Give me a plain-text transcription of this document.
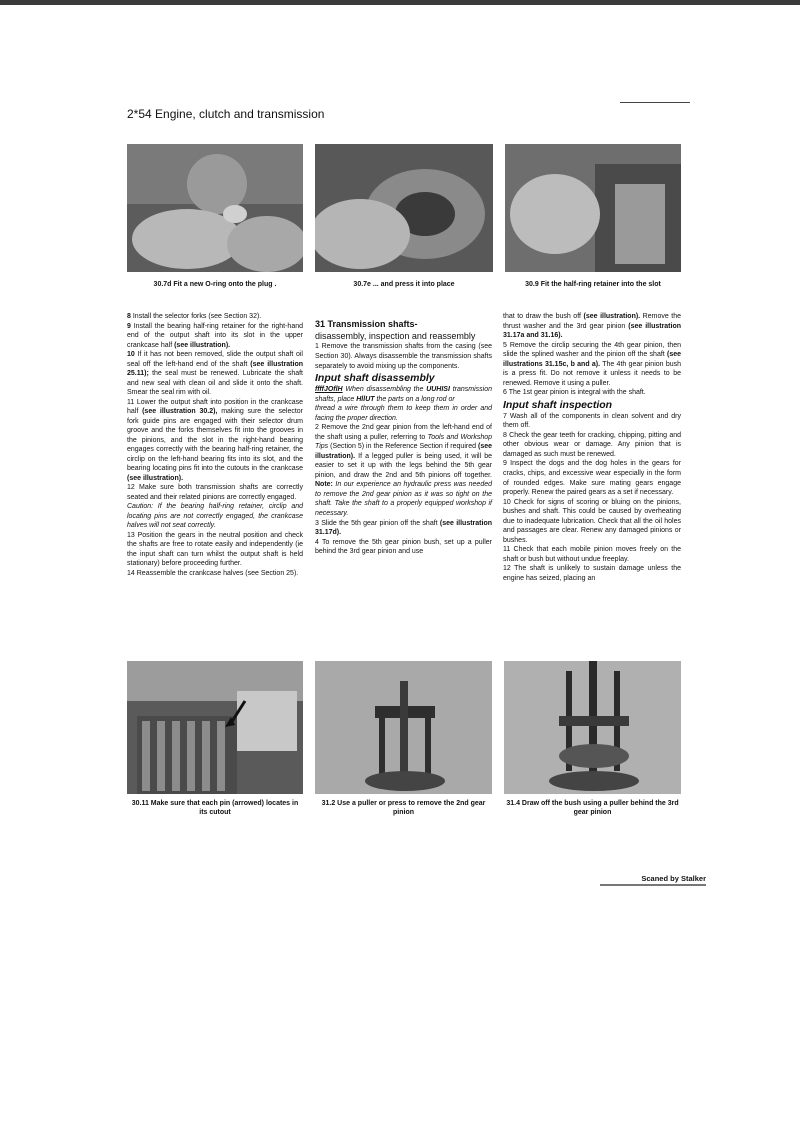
2*54 Engine, clutch and transmission
30.7d Fit a new O-ring onto the plug .	30.7e ... and press it into place	30.9 Fit the half-ring retainer into the slot

8 Install the selector forks (see Section 32).

9 Install the bearing half-ring retainer for the right-hand end of the output shaft into its slot in the upper crankcase half (see illustration).

10 If it has not been removed, slide the output shaft oil seal off the left-hand end of the shaft (see illustration 25.11); the seal must be renewed. Lubricate the shaft and new seal with clean oil and slide it onto the shaft. Smear the seal rim with oil.

11 Lower the output shaft into position in the crankcase half (see illustration 30.2), making sure the selector fork guide pins are engaged with their selector drum groove and the forks themselves fit into the grooves in the pinions, and the slot in the right-hand bearing engages correctly with the bearing half-ring retainer, the circlip on the left-hand bearing fits into its slot, and the bearing locating pins fit into the cutouts in the crankcase (see illustration).

12 Make sure both transmission shafts are correctly seated and their related pinions are correctly engaged.

Caution: If the bearing half-ring retainer, circlip and locating pins are not correctly engaged, the crankcase halves will not seat correctly.

13 Position the gears in the neutral position and check the shafts are free to rotate easily and independently (ie the input shaft can turn whilst the output shaft is held stationary) before proceeding further.

14 Reassemble the crankcase halves (see Section 25).

31 Transmission shafts-

disassembly, inspection and reassembly

1 Remove the transmission shafts from the casing (see Section 30). Always disassemble the transmission shafts separately to avoid mixing up the components.

Input shaft disassembly

ffffJOflH When disassembling the UUHISI transmission shafts, place HllUT the parts on a long rod or
thread a wire through them to keep them in order and facing the proper direction.

2 Remove the 2nd gear pinion from the left-hand end of the shaft using a puller, referring to Tools and Workshop Tips (Section 5) in the Reference Section if required (see illustration). If a legged puller is being used, it will be easier to set it up with the legs behind the 5th gear pinion, and draw the 2nd and 5th pinions off together. Note: In our experience an hydraulic press was needed to remove the 2nd gear pinion as it was so tight on the shaft. Take the shaft to a properly equipped workshop if necessary.

3 Slide the 5th gear pinion off the shaft (see illustration 31.17d).

4 To remove the 5th gear pinion bush, set up a puller behind the 3rd gear pinion and use

that to draw the bush off (see illustration). Remove the thrust washer and the 3rd gear pinion (see illustration 31.17a and 31.16).

5 Remove the circlip securing the 4th gear pinion, then slide the splined washer and the pinion off the shaft (see illustrations 31.15c, b and a). The 4th gear pinion bush is a press fit. Do not remove it unless it needs to be renewed. Remove it using a puller.

6 The 1st gear pinion is integral with the shaft.

Input shaft inspection

7 Wash all of the components in clean solvent and dry them off.

8 Check the gear teeth for cracking, chipping, pitting and other obvious wear or damage. Any pinion that is damaged as such must be renewed.

9 Inspect the dogs and the dog holes in the gears for cracks, chips, and excessive wear especially in the form of rounded edges. Make sure mating gears engage properly. Renew the paired gears as a set if necessary.

10 Check for signs of scoring or bluing on the pinions, bushes and shaft. This could be caused by overheating due to inadequate lubrication. Check that all the oil holes and passages are clear. Renew any damaged pinions or bushes.

11 Check that each mobile pinion moves freely on the shaft or bush but without undue freeplay.

12 The shaft is unlikely to sustain damage unless the engine has seized, placing an

30.11 Make sure that each pin (arrowed) locates in its cutout
31.2 Use a puller or press to remove the 2nd gear pinion
31.4 Draw off the bush using a puller behind the 3rd gear pinion
Scaned by Stalker
